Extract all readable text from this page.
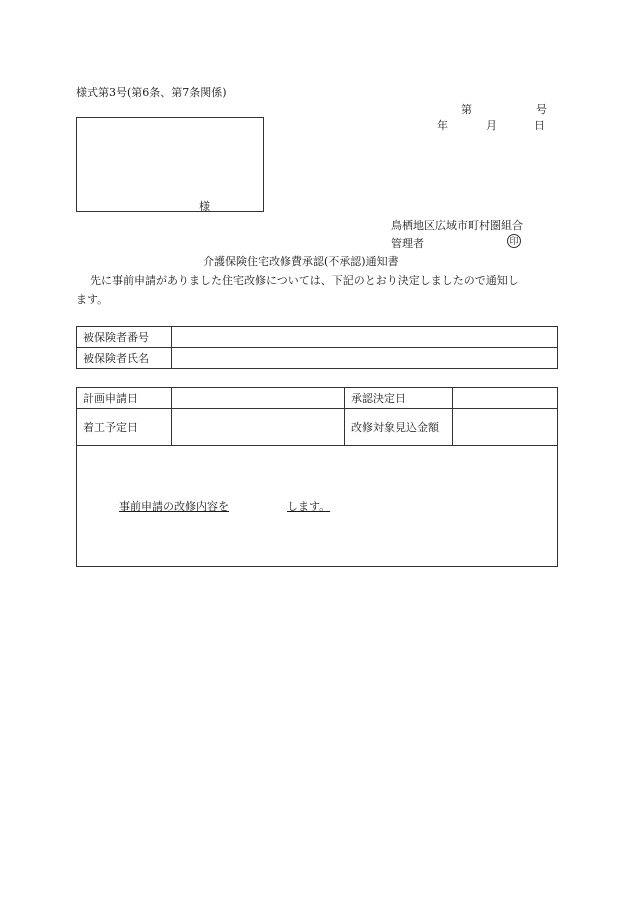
様式第3号(第6条、第7条関係)
第	号
年	月	日
様
鳥栖地区広域市町村圏組合
管理者	印
介護保険住宅改修費承認(不承認)通知書
先に事前申請がありました住宅改修については、下記のとおり決定しましたので通知し
ます。
被保険者番号	
被保険者氏名	
計画申請日		承認決定日	
着工予定日		改修対象見込金額	

事前申請の改修内容を します。			
